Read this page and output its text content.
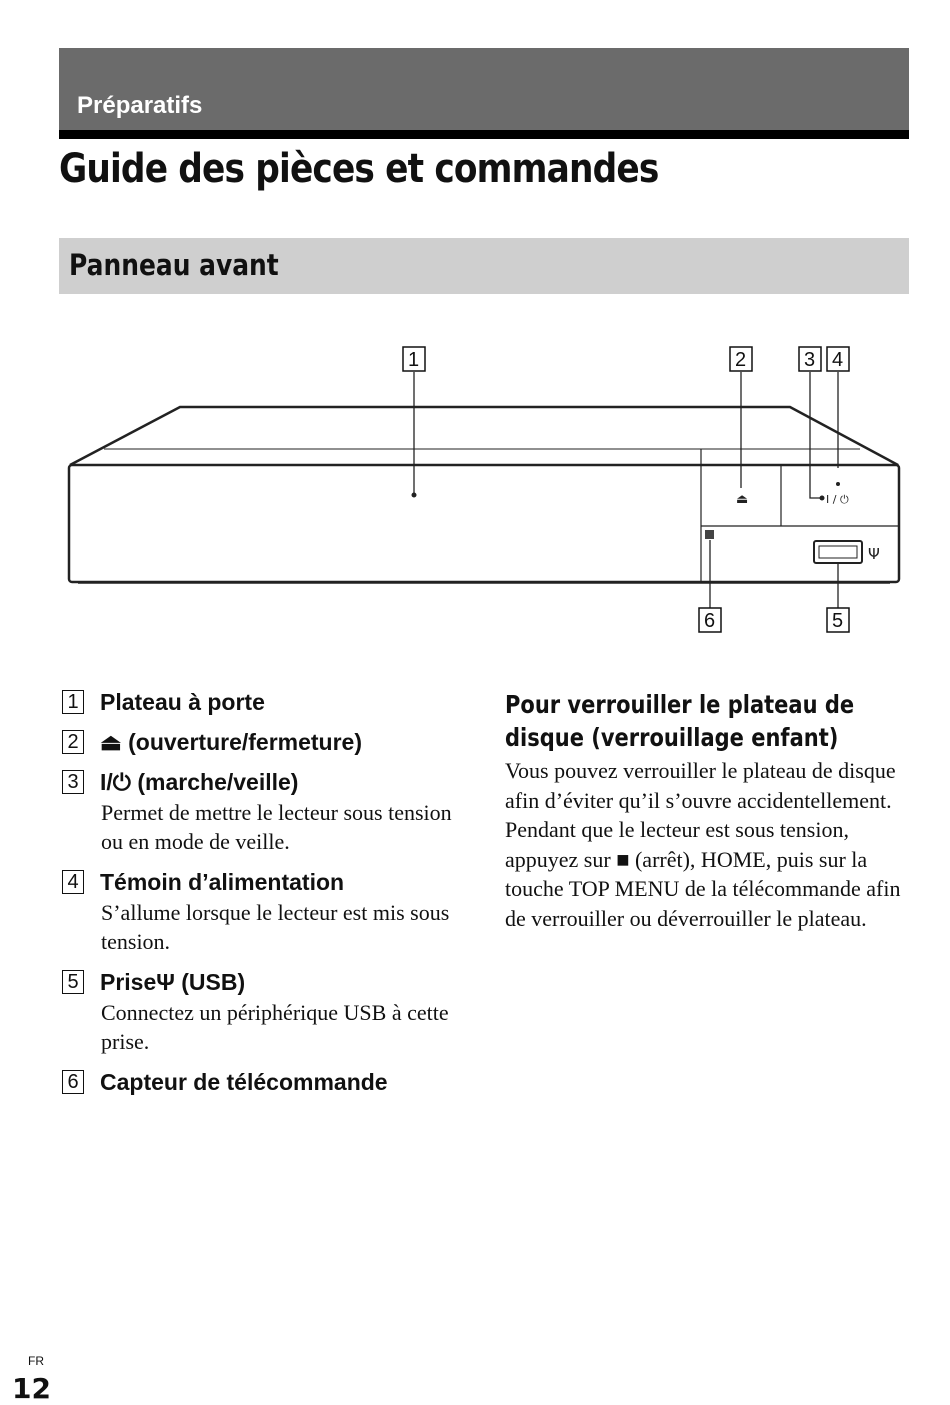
Préparatifs
Guide des pièces et commandes
Panneau avant
⏏	I / ⏻
Ψ
1	2	3 4
5
6
1 Plateau à porte
2 ⏏ (ouverture/fermeture)
3 I/⏻ (marche/veille)
Permet de mettre le lecteur sous tension ou en mode de veille.
4 Témoin d’alimentation
S’allume lorsque le lecteur est mis sous tension.
5 PriseΨ (USB)
Connectez un périphérique USB à cette prise.
6 Capteur de télécommande
Pour verrouiller le plateau de disque (verrouillage enfant)
Vous pouvez verrouiller le plateau de disque afin d’éviter qu’il s’ouvre accidentellement.
Pendant que le lecteur est sous tension, appuyez sur ■ (arrêt), HOME, puis sur la touche TOP MENU de la télécommande afin de verrouiller ou déverrouiller le plateau.
FR
12
